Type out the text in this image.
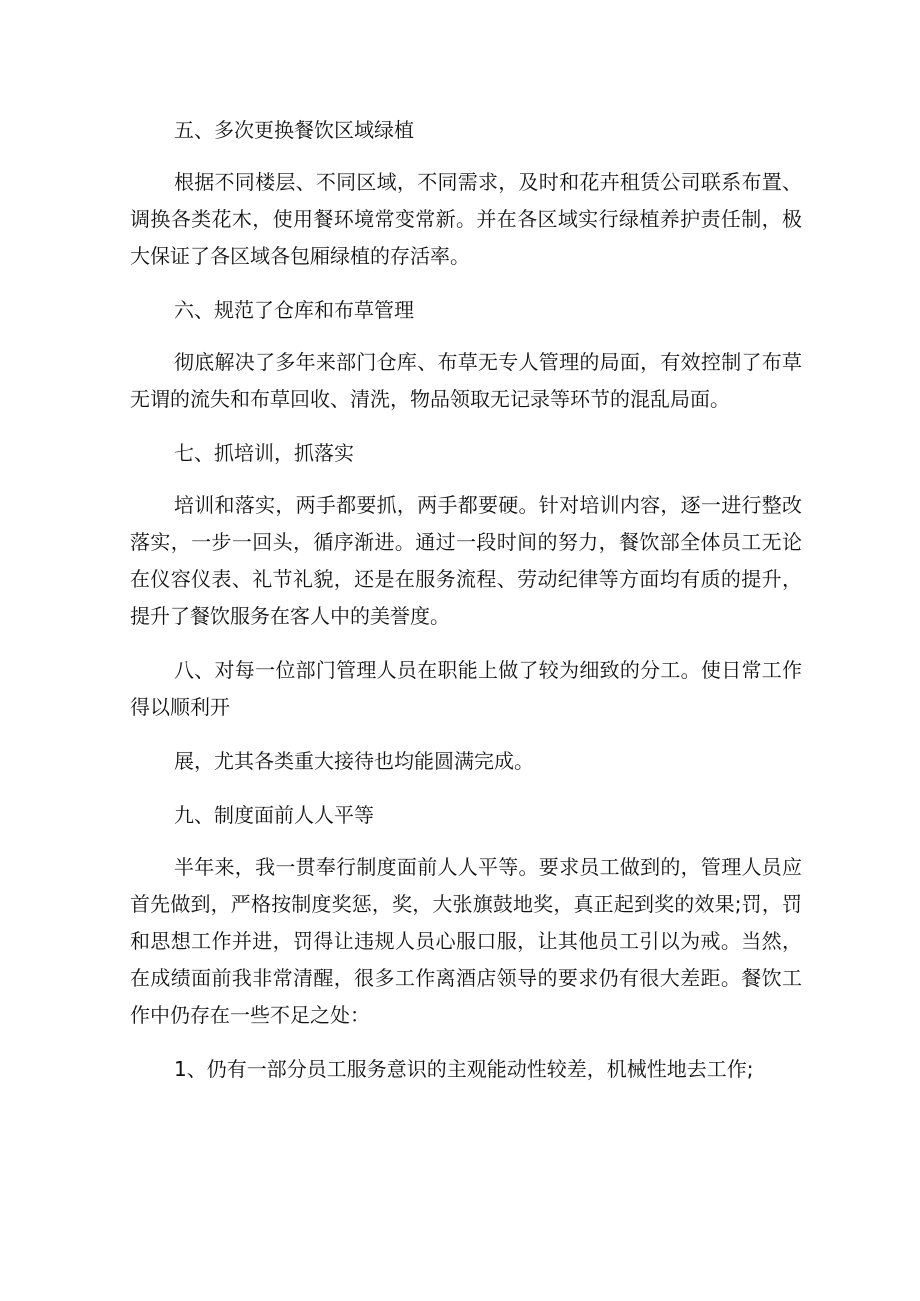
五、多次更换餐饮区域绿植

根据不同楼层、不同区域，不同需求，及时和花卉租赁公司联系布置、调换各类花木，使用餐环境常变常新。并在各区域实行绿植养护责任制，极大保证了各区域各包厢绿植的存活率。

六、规范了仓库和布草管理

彻底解决了多年来部门仓库、布草无专人管理的局面，有效控制了布草无谓的流失和布草回收、清洗，物品领取无记录等环节的混乱局面。

七、抓培训，抓落实

培训和落实，两手都要抓，两手都要硬。针对培训内容，逐一进行整改落实，一步一回头，循序渐进。通过一段时间的努力，餐饮部全体员工无论在仪容仪表、礼节礼貌，还是在服务流程、劳动纪律等方面均有质的提升，提升了餐饮服务在客人中的美誉度。

八、对每一位部门管理人员在职能上做了较为细致的分工。使日常工作得以顺利开

展，尤其各类重大接待也均能圆满完成。

九、制度面前人人平等

半年来，我一贯奉行制度面前人人平等。要求员工做到的，管理人员应首先做到，严格按制度奖惩，奖，大张旗鼓地奖，真正起到奖的效果;罚，罚和思想工作并进，罚得让违规人员心服口服，让其他员工引以为戒。当然，在成绩面前我非常清醒，很多工作离酒店领导的要求仍有很大差距。餐饮工作中仍存在一些不足之处：

1、仍有一部分员工服务意识的主观能动性较差，机械性地去工作;
